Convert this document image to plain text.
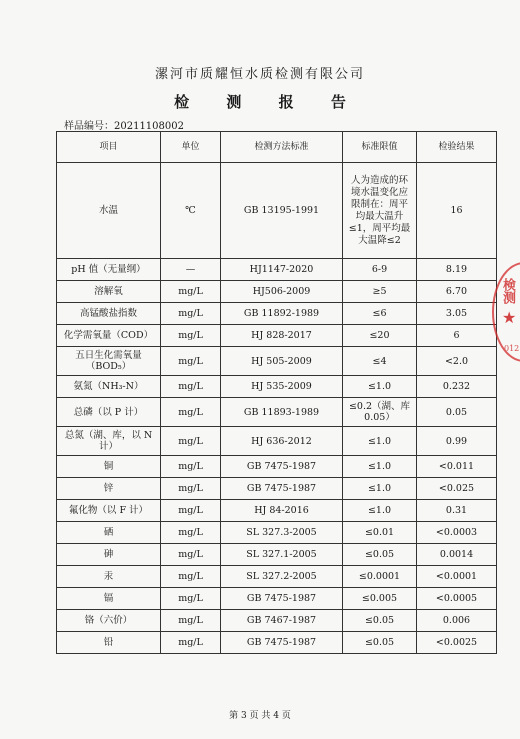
漯河市质耀恒水质检测有限公司
检 测 报 告
样品编号：20211108002
项目	单位	检测方法标准	标准限值	检验结果
水温	℃	GB 13195-1991	人为造成的环境水温变化应限制在：周平均最大温升≤1，周平均最大温降≤2	16
pH 值（无量纲）	—	HJ1147-2020	6-9	8.19
溶解氧	mg/L	HJ506-2009	≥5	6.70
高锰酸盐指数	mg/L	GB 11892-1989	≤6	3.05
化学需氧量（COD）	mg/L	HJ 828-2017	≤20	6
五日生化需氧量（BOD₅）	mg/L	HJ 505-2009	≤4	<2.0
氨氮（NH₃-N）	mg/L	HJ 535-2009	≤1.0	0.232
总磷（以 P 计）	mg/L	GB 11893-1989	≤0.2（湖、库0.05）	0.05
总氮（湖、库，以 N 计）	mg/L	HJ 636-2012	≤1.0	0.99
铜	mg/L	GB 7475-1987	≤1.0	<0.011
锌	mg/L	GB 7475-1987	≤1.0	<0.025
氟化物（以 F 计）	mg/L	HJ 84-2016	≤1.0	0.31
硒	mg/L	SL 327.3-2005	≤0.01	<0.0003
砷	mg/L	SL 327.1-2005	≤0.05	0.0014
汞	mg/L	SL 327.2-2005	≤0.0001	<0.0001
镉	mg/L	GB 7475-1987	≤0.005	<0.0005
铬（六价）	mg/L	GB 7467-1987	≤0.05	0.006
铅	mg/L	GB 7475-1987	≤0.05	<0.0025
検测
★
012
第 3 页 共 4 页
